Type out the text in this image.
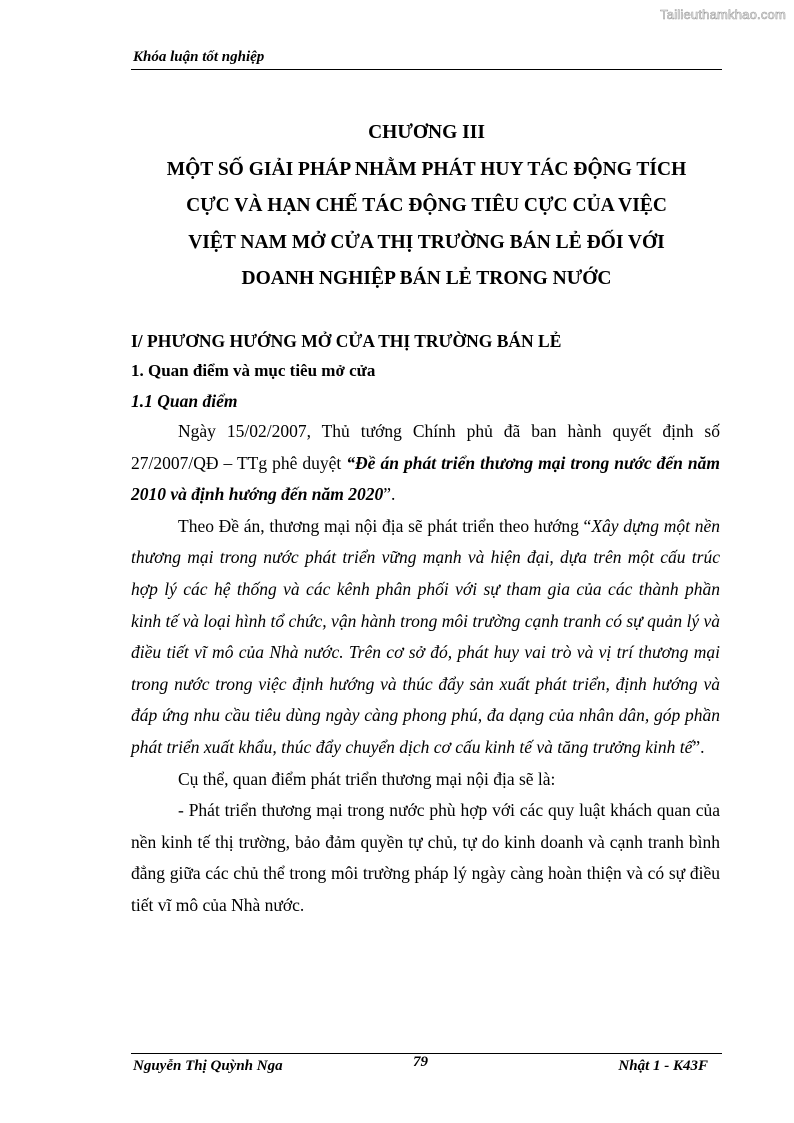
Tailieuthamkhao.com
Khóa luận tốt nghiệp
CHƯƠNG III
MỘT SỐ GIẢI PHÁP NHẰM PHÁT HUY TÁC ĐỘNG TÍCH
CỰC VÀ HẠN CHẾ TÁC ĐỘNG TIÊU CỰC CỦA VIỆC
VIỆT NAM MỞ CỬA THỊ TRƯỜNG BÁN LẺ ĐỐI VỚI
DOANH NGHIỆP BÁN LẺ TRONG NƯỚC
I/ PHƯƠNG HƯỚNG MỞ CỬA THỊ TRƯỜNG BÁN LẺ
1. Quan điểm và mục tiêu mở cửa
1.1 Quan điểm

Ngày 15/02/2007, Thủ tướng Chính phủ đã ban hành quyết định số 27/2007/QĐ – TTg phê duyệt “Đề án phát triển thương mại trong nước đến năm 2010 và định hướng đến năm 2020”.

Theo Đề án, thương mại nội địa sẽ phát triển theo hướng “Xây dựng một nền thương mại trong nước phát triển vững mạnh và hiện đại, dựa trên một cấu trúc hợp lý các hệ thống và các kênh phân phối với sự tham gia của các thành phần kinh tế và loại hình tổ chức, vận hành trong môi trường cạnh tranh có sự quản lý và điều tiết vĩ mô của Nhà nước. Trên cơ sở đó, phát huy vai trò và vị trí thương mại trong nước trong việc định hướng và thúc đẩy sản xuất phát triển, định hướng và đáp ứng nhu cầu tiêu dùng ngày càng phong phú, đa dạng của nhân dân, góp phần phát triển xuất khẩu, thúc đẩy chuyển dịch cơ cấu kinh tế và tăng trưởng kinh tế”.

Cụ thể, quan điểm phát triển thương mại nội địa sẽ là:

- Phát triển thương mại trong nước phù hợp với các quy luật khách quan của nền kinh tế thị trường, bảo đảm quyền tự chủ, tự do kinh doanh và cạnh tranh bình đẳng giữa các chủ thể trong môi trường pháp lý ngày càng hoàn thiện và có sự điều tiết vĩ mô của Nhà nước.

Nguyễn Thị Quỳnh Nga	79	Nhật 1 - K43F
